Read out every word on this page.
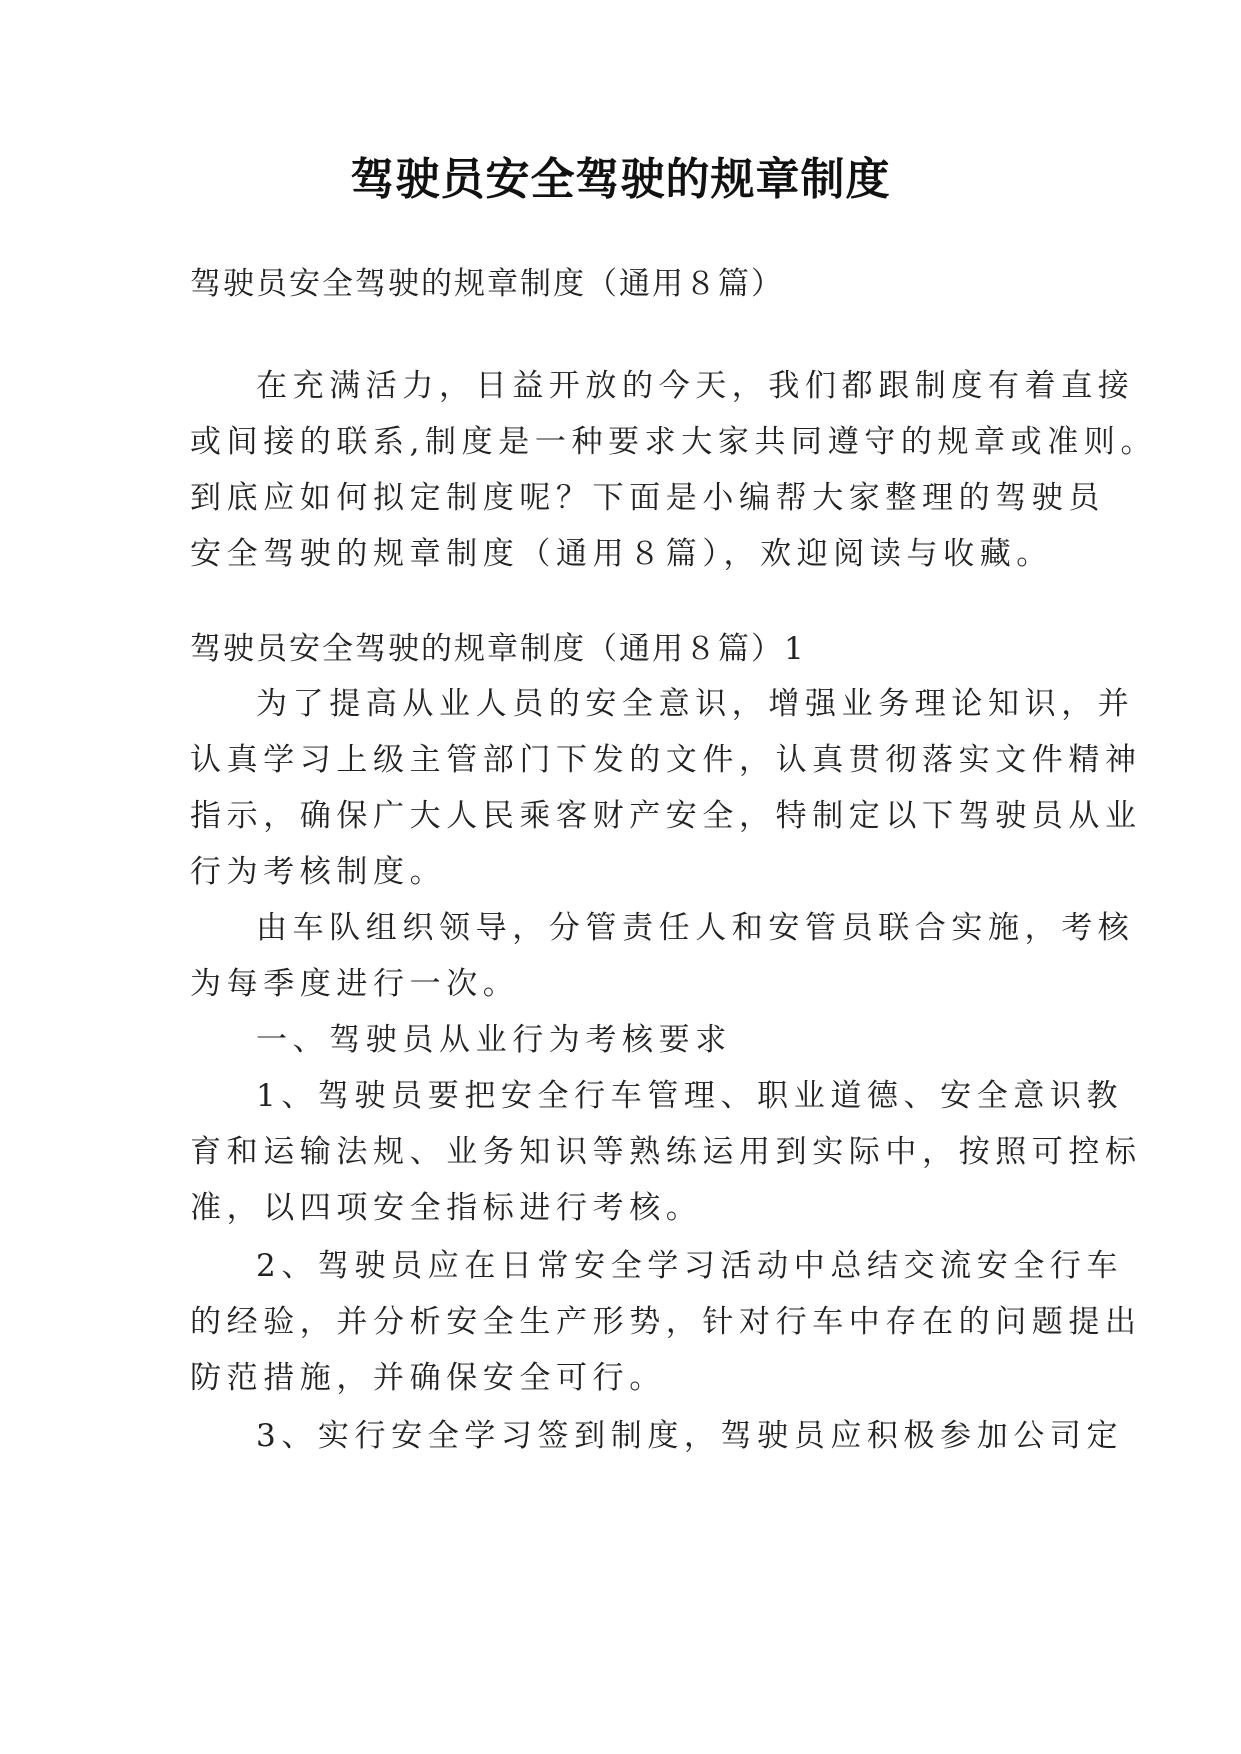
驾驶员安全驾驶的规章制度
驾驶员安全驾驶的规章制度（通用８篇）
在充满活力，日益开放的今天，我们都跟制度有着直接
或间接的联系,制度是一种要求大家共同遵守的规章或准则。
到底应如何拟定制度呢？下面是小编帮大家整理的驾驶员
安全驾驶的规章制度（通用８篇），欢迎阅读与收藏。
驾驶员安全驾驶的规章制度（通用８篇）1
为了提高从业人员的安全意识，增强业务理论知识，并
认真学习上级主管部门下发的文件，认真贯彻落实文件精神
指示，确保广大人民乘客财产安全，特制定以下驾驶员从业
行为考核制度。
由车队组织领导，分管责任人和安管员联合实施，考核
为每季度进行一次。
一、驾驶员从业行为考核要求
1、驾驶员要把安全行车管理、职业道德、安全意识教
育和运输法规、业务知识等熟练运用到实际中，按照可控标
准，以四项安全指标进行考核。
2、驾驶员应在日常安全学习活动中总结交流安全行车
的经验，并分析安全生产形势，针对行车中存在的问题提出
防范措施，并确保安全可行。
3、实行安全学习签到制度，驾驶员应积极参加公司定
